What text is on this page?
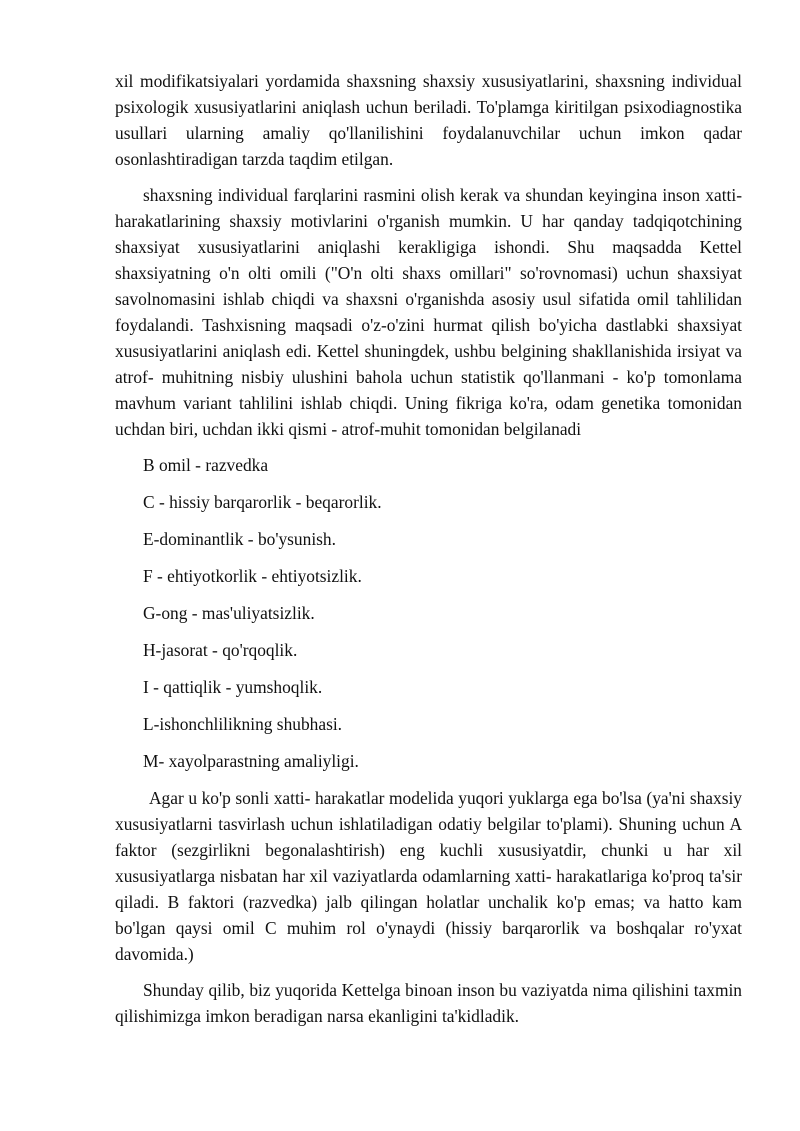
xil modifikatsiyalari yordamida shaxsning shaxsiy xususiyatlarini, shaxsning individual psixologik xususiyatlarini aniqlash uchun beriladi. To'plamga kiritilgan psixodiagnostika usullari ularning amaliy qo'llanilishini foydalanuvchilar uchun imkon qadar osonlashtiradigan tarzda taqdim etilgan.

shaxsning individual farqlarini rasmini olish kerak va shundan keyingina inson xatti- harakatlarining shaxsiy motivlarini o'rganish mumkin. U har qanday tadqiqotchining shaxsiyat xususiyatlarini aniqlashi kerakligiga ishondi. Shu maqsadda Kettel shaxsiyatning o'n olti omili ("O'n olti shaxs omillari" so'rovnomasi) uchun shaxsiyat savolnomasini ishlab chiqdi va shaxsni o'rganishda asosiy usul sifatida omil tahlilidan foydalandi. Tashxisning maqsadi o'z-o'zini hurmat qilish bo'yicha dastlabki shaxsiyat xususiyatlarini aniqlash edi. Kettel shuningdek, ushbu belgining shakllanishida irsiyat va atrof- muhitning nisbiy ulushini bahola uchun statistik qo'llanmani - ko'p tomonlama mavhum variant tahlilini ishlab chiqdi. Uning fikriga ko'ra, odam genetika tomonidan uchdan biri, uchdan ikki qismi - atrof-muhit tomonidan belgilanadi

B omil - razvedka
C - hissiy barqarorlik - beqarorlik.
E-dominantlik - bo'ysunish.
F - ehtiyotkorlik - ehtiyotsizlik.
G-ong - mas'uliyatsizlik.
H-jasorat - qo'rqoqlik.
I - qattiqlik - yumshoqlik.
L-ishonchlilikning shubhasi.
M- xayolparastning amaliyligi.

Agar u ko'p sonli xatti- harakatlar modelida yuqori yuklarga ega bo'lsa (ya'ni shaxsiy xususiyatlarni tasvirlash uchun ishlatiladigan odatiy belgilar to'plami). Shuning uchun A faktor (sezgirlikni begonalashtirish) eng kuchli xususiyatdir, chunki u har xil xususiyatlarga nisbatan har xil vaziyatlarda odamlarning xatti- harakatlariga ko'proq ta'sir qiladi. B faktori (razvedka) jalb qilingan holatlar unchalik ko'p emas; va hatto kam bo'lgan qaysi omil C muhim rol o'ynaydi (hissiy barqarorlik va boshqalar ro'yxat davomida.)

Shunday qilib, biz yuqorida Kettelga binoan inson bu vaziyatda nima qilishini taxmin qilishimizga imkon beradigan narsa ekanligini ta'kidladik.
